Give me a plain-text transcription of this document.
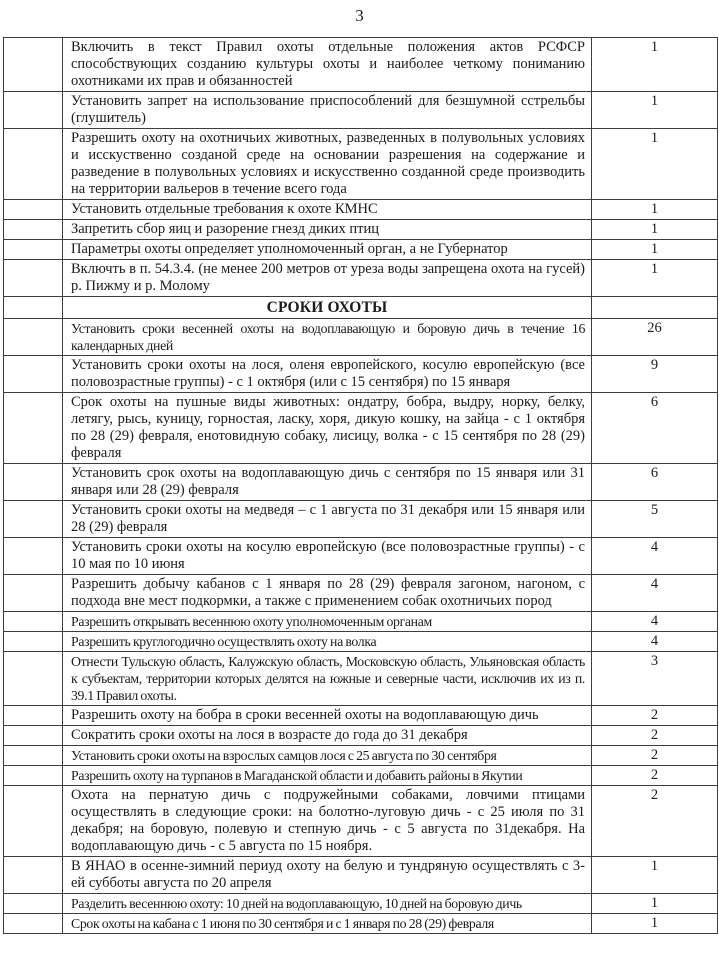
3
	Включить в текст Правил охоты отдельные положения актов РСФСР способствующих созданию культуры охоты и наиболее четкому пониманию охотниками их прав и обязанностей	1
	Установить запрет на использование приспособлений для безшумной сстрельбы (глушитель)	1
	Разрешить охоту на охотничьих животных, разведенных в полувольных условиях и исскуственно созданой среде на основании разрешения на содержание и разведение в полувольных условиях и искусственно созданной среде производить на территории вальеров в течение всего года	1
	Установить отдельные требования к охоте КМНС	1
	Запретить сбор яиц и разорение гнезд диких птиц	1
	Параметры охоты определяет уполномоченный орган, а не Губернатор	1
	Включть в п. 54.3.4. (не менее 200 метров от уреза воды запрещена охота на гусей) р. Пижму и р. Молому	1
	СРОКИ ОХОТЫ	
	Установить сроки весенней охоты на водоплавающую и боровую дичь в течение 16 календарных дней	26
	Установить сроки охоты на лося, оленя европейского, косулю европейскую (все половозрастные группы) - с 1 октября (или с 15 сентября) по 15 января	9
	Срок охоты на пушные виды животных: ондатру, бобра, выдру, норку, белку, летягу, рысь, куницу, горностая, ласку, хоря, дикую кошку, на зайца - с 1 октября по 28 (29) февраля, енотовидную собаку, лисицу, волка - с 15 сентября по 28 (29) февраля	6
	Установить срок охоты на водоплавающую дичь с сентября по 15 января или 31 января или 28 (29) февраля	6
	Установить сроки охоты на медведя – с 1 августа по 31 декабря или 15 января или 28 (29) февраля	5
	Установить сроки охоты на косулю европейскую (все половозрастные группы) - с 10 мая по 10 июня	4
	Разрешить добычу кабанов с 1 января по 28 (29) февраля загоном, нагоном, с подхода вне мест подкормки, а также с применением собак охотничьих пород	4
	Разрешить открывать весеннюю охоту уполномоченным органам	4
	Разрешить круглогодично осуществлять охоту на волка	4
	Отнести Тульскую область, Калужскую область, Московскую область, Ульяновская область к субъектам, территории которых делятся на южные и северные части, исключив их из п. 39.1 Правил охоты.	3
	Разрешить охоту на бобра в сроки весенней охоты на водоплавающую дичь	2
	Сократить сроки охоты на лося в возрасте до года до 31 декабря	2
	Установить сроки охоты на взрослых самцов лося с 25 августа по 30 сентября	2
	Разрешить охоту на турпанов в Магаданской области и добавить районы в Якутии	2
	Охота на пернатую дичь с подружейными собаками, ловчими птицами осуществлять в следующие сроки: на болотно-луговую дичь - с 25 июля по 31 декабря; на боровую, полевую и степную дичь - с 5 августа по 31декабря. На водоплавающую дичь - с 5 августа по 15 ноября.	2
	В ЯНАО в осенне-зимний периуд охоту на белую и тундряную осуществлять с 3-ей субботы августа по 20 апреля	1
	Разделить весеннюю охоту: 10 дней на водоплавающую, 10 дней на боровую дичь	1
	Срок охоты на кабана с 1 июня по 30 сентября и с 1 января по 28 (29) февраля	1
